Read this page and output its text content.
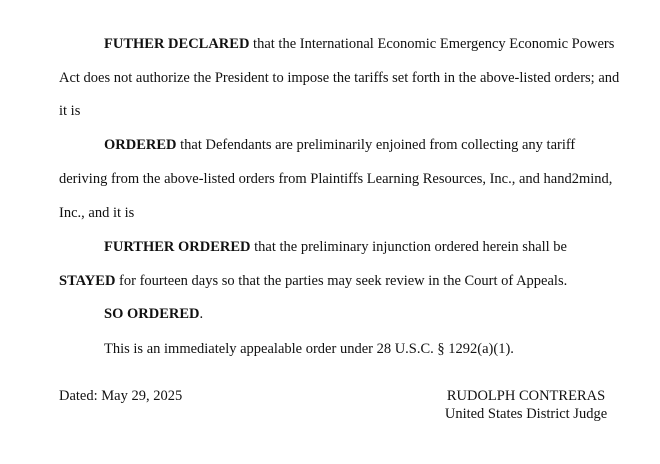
FUTHER DECLARED that the International Economic Emergency Economic Powers
Act does not authorize the President to impose the tariffs set forth in the above-listed orders; and
it is
ORDERED that Defendants are preliminarily enjoined from collecting any tariff
deriving from the above-listed orders from Plaintiffs Learning Resources, Inc., and hand2mind,
Inc., and it is
FURTHER ORDERED that the preliminary injunction ordered herein shall be
STAYED for fourteen days so that the parties may seek review in the Court of Appeals.
SO ORDERED.
This is an immediately appealable order under 28 U.S.C. § 1292(a)(1).
Dated: May 29, 2025	RUDOLPH CONTRERAS
United States District Judge
